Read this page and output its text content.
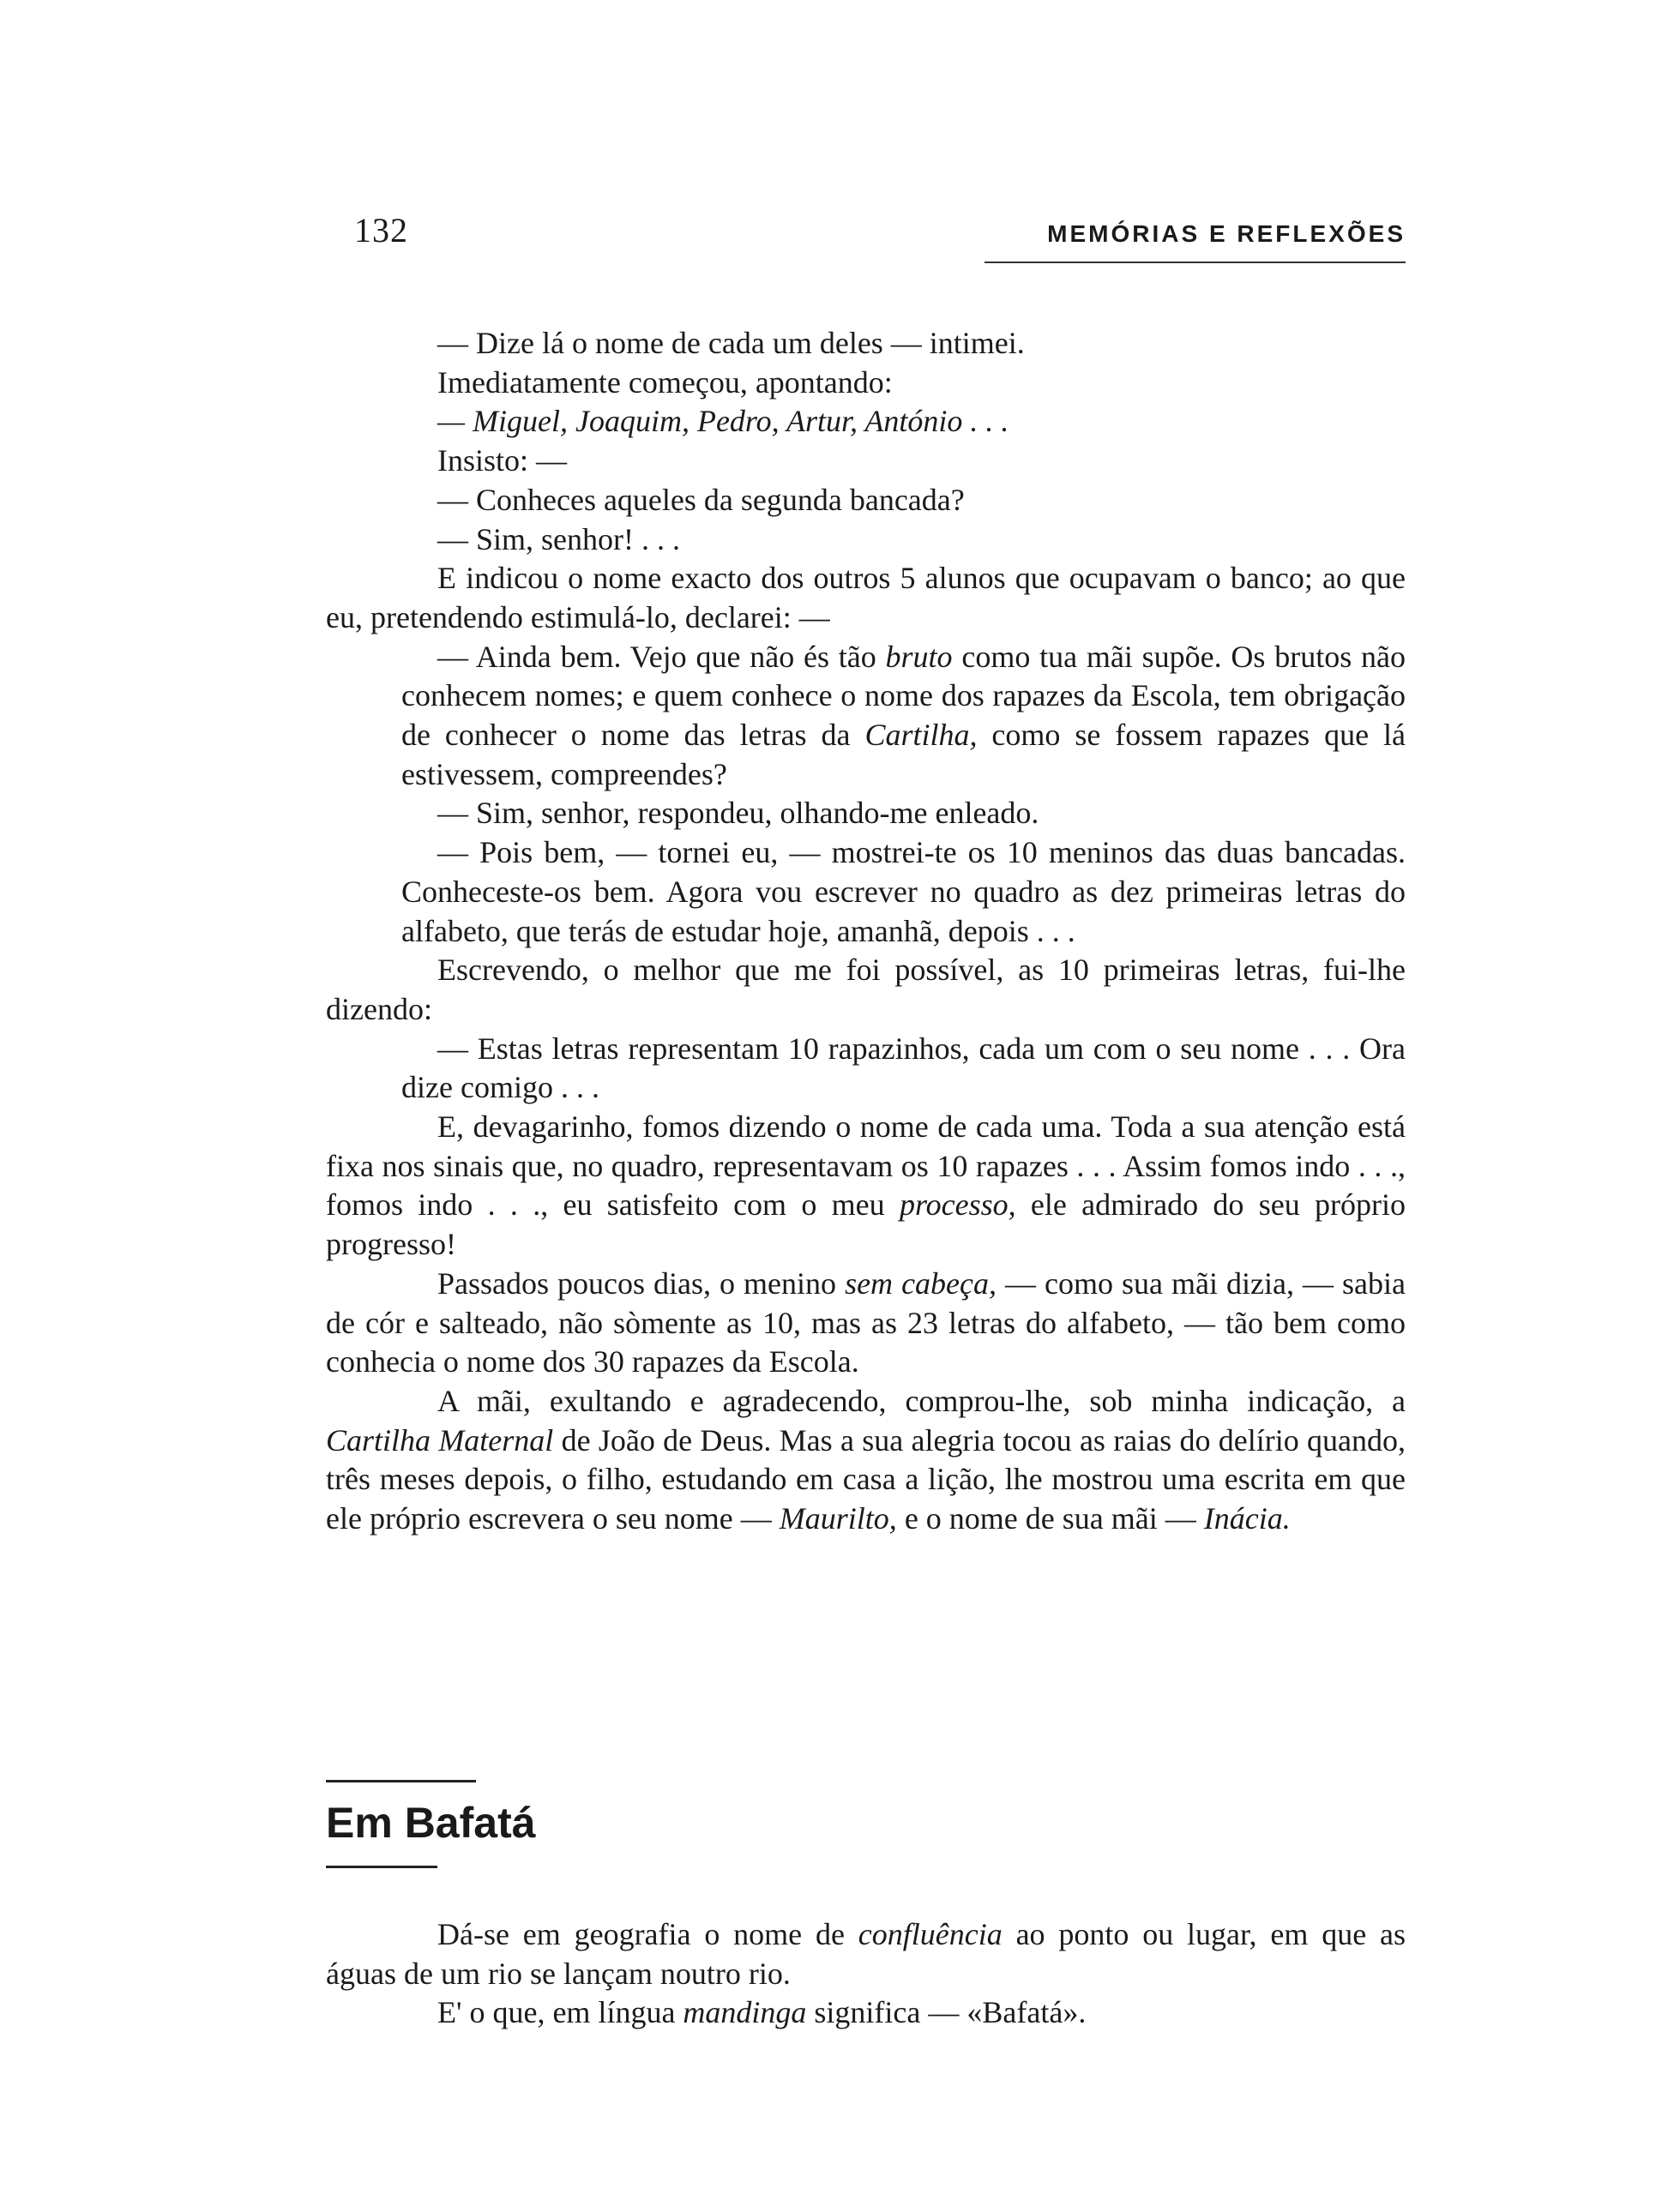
132	MEMÓRIAS E REFLEXÕES

— Dize lá o nome de cada um deles — intimei.

Imediatamente começou, apontando:

— Miguel, Joaquim, Pedro, Artur, António . . .

Insisto: —

— Conheces aqueles da segunda bancada?

— Sim, senhor! . . .

E indicou o nome exacto dos outros 5 alunos que ocupavam o banco; ao que eu, pretendendo estimulá-lo, declarei: —

— Ainda bem. Vejo que não és tão bruto como tua mãi supõe. Os brutos não conhecem nomes; e quem conhece o nome dos rapazes da Escola, tem obrigação de conhecer o nome das letras da Cartilha, como se fossem rapazes que lá estivessem, compreendes?

— Sim, senhor, respondeu, olhando-me enleado.

— Pois bem, — tornei eu, — mostrei-te os 10 meninos das duas bancadas. Conheceste-os bem. Agora vou escrever no quadro as dez primeiras letras do alfabeto, que terás de estudar hoje, amanhã, depois . . .

Escrevendo, o melhor que me foi possível, as 10 primeiras letras, fui-lhe dizendo:

— Estas letras representam 10 rapazinhos, cada um com o seu nome . . . Ora dize comigo . . .

E, devagarinho, fomos dizendo o nome de cada uma. Toda a sua atenção está fixa nos sinais que, no quadro, representavam os 10 rapazes . . . Assim fomos indo . . ., fomos indo . . ., eu satisfeito com o meu processo, ele admirado do seu próprio progresso!

Passados poucos dias, o menino sem cabeça, — como sua mãi dizia, — sabia de cór e salteado, não sòmente as 10, mas as 23 letras do alfabeto, — tão bem como conhecia o nome dos 30 rapazes da Escola.

A mãi, exultando e agradecendo, comprou-lhe, sob minha indicação, a Cartilha Maternal de João de Deus. Mas a sua alegria tocou as raias do delírio quando, três meses depois, o filho, estudando em casa a lição, lhe mostrou uma escrita em que ele próprio escrevera o seu nome — Maurilto, e o nome de sua mãi — Inácia.

Em Bafatá

Dá-se em geografia o nome de confluência ao ponto ou lugar, em que as águas de um rio se lançam noutro rio.

E' o que, em língua mandinga significa — «Bafatá».
